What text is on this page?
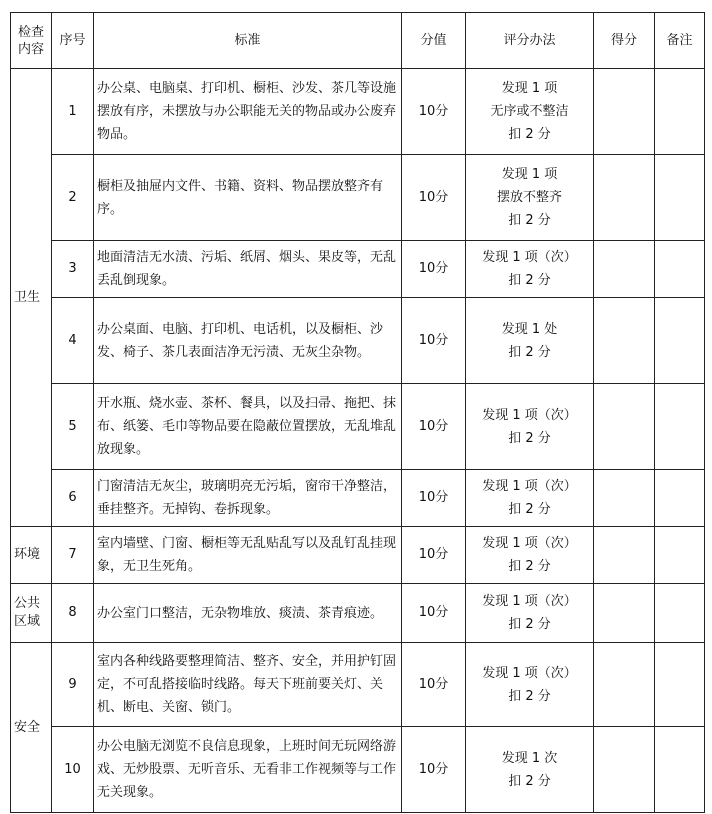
检查内容	序号	标准	分值	评分办法	得分	备注
卫生	1	办公桌、电脑桌、打印机、橱柜、沙发、茶几等设施摆放有序，未摆放与办公职能无关的物品或办公废弃物品。	10分	发现 1 项
无序或不整洁
扣 2 分		

	2	橱柜及抽屉内文件、书籍、资料、物品摆放整齐有序。	10分	发现 1 项
摆放不整齐
扣 2 分		

	3	地面清洁无水渍、污垢、纸屑、烟头、果皮等，无乱丢乱倒现象。	10分	发现 1 项（次）
扣 2 分		

	4	办公桌面、电脑、打印机、电话机，以及橱柜、沙发、椅子、茶几表面洁净无污渍、无灰尘杂物。	10分	发现 1 处
扣 2 分		

	5	开水瓶、烧水壶、茶杯、餐具，以及扫帚、拖把、抹布、纸篓、毛巾等物品要在隐蔽位置摆放，无乱堆乱放现象。	10分	发现 1 项（次）
扣 2 分		

	6	门窗清洁无灰尘，玻璃明亮无污垢，窗帘干净整洁，垂挂整齐。无掉钩、卷拆现象。	10分	发现 1 项（次）
扣 2 分		

环境	7	室内墙壁、门窗、橱柜等无乱贴乱写以及乱钉乱挂现象，无卫生死角。	10分	发现 1 项（次）
扣 2 分		

公共区域	8	办公室门口整洁，无杂物堆放、痰渍、茶青痕迹。	10分	发现 1 项（次）
扣 2 分		

安全	9	室内各种线路要整理简洁、整齐、安全，并用护钉固定，不可乱搭接临时线路。每天下班前要关灯、关机、断电、关窗、锁门。	10分	发现 1 项（次）
扣 2 分		

	10	办公电脑无浏览不良信息现象，上班时间无玩网络游戏、无炒股票、无听音乐、无看非工作视频等与工作无关现象。	10分	发现 1 次
扣 2 分		
